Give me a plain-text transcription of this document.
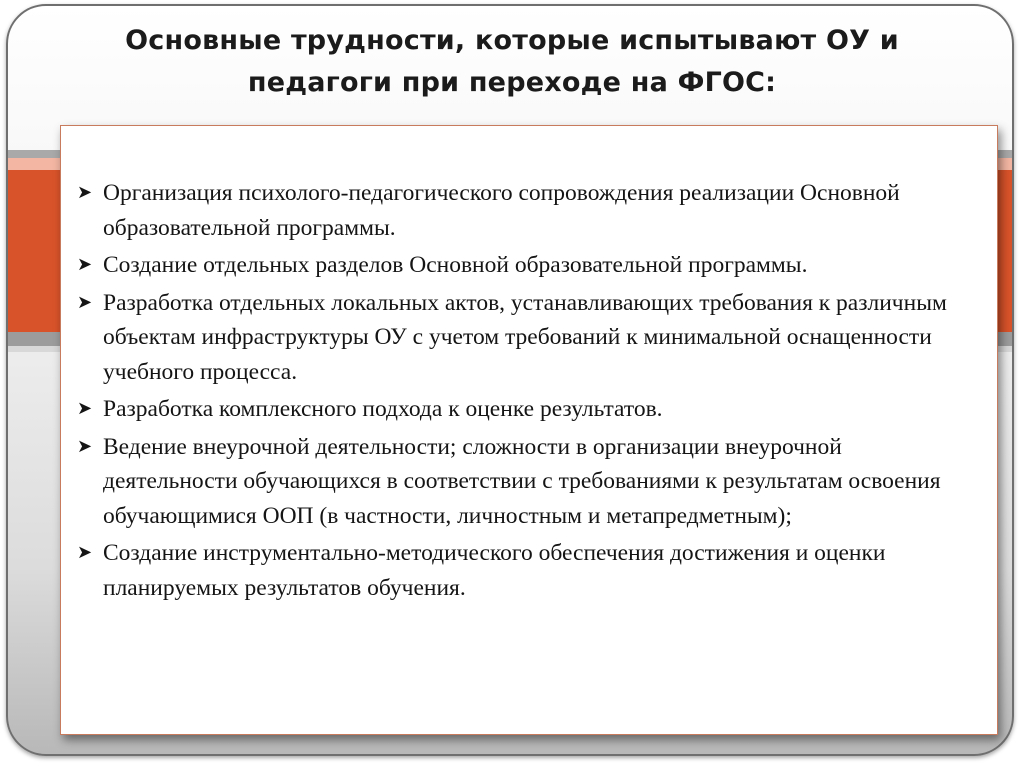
Основные трудности, которые испытывают ОУ и
педагоги при переходе на ФГОС:
➤ Организация психолого-педагогического сопровождения реализации Основной образовательной программы.
➤ Создание отдельных разделов Основной образовательной программы.
➤ Разработка отдельных локальных актов, устанавливающих требования к различным объектам инфраструктуры ОУ с учетом требований к минимальной оснащенности учебного процесса.
➤ Разработка комплексного подхода к оценке результатов.
➤ Ведение внеурочной деятельности; сложности в организации внеурочной деятельности обучающихся в соответствии с требованиями к результатам освоения обучающимися ООП (в частности, личностным и метапредметным);
➤ Создание инструментально-методического обеспечения достижения и оценки планируемых результатов обучения.
